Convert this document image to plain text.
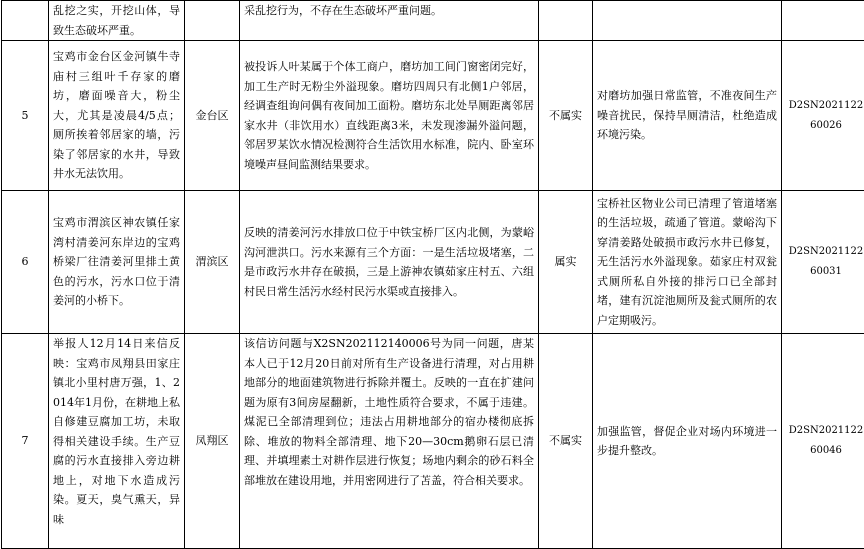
	乱挖之实，开挖山体，导致生态破坏严重。		采乱挖行为，不存在生态破坏严重问题。			

5	宝鸡市金台区金河镇牛寺庙村三组叶千存家的磨坊，磨面噪音大，粉尘大，尤其是凌晨4/5点；厕所挨着邻居家的墙，污染了邻居家的水井，导致井水无法饮用。	金台区	被投诉人叶某属于个体工商户，磨坊加工间门窗密闭完好，加工生产时无粉尘外溢现象。磨坊四周只有北侧1户邻居，经调查组询问偶有夜间加工面粉。磨坊东北处旱厕距离邻居家水井（非饮用水）直线距离3米，未发现渗漏外溢问题，邻居罗某饮水情况检测符合生活饮用水标准，院内、卧室环境噪声昼间监测结果要求。	不属实	对磨坊加强日常监管，不准夜间生产噪音扰民，保持旱厕清洁，杜绝造成环境污染。	D2SN202112260026

6	宝鸡市渭滨区神农镇任家湾村清姜河东岸边的宝鸡桥梁厂往清姜河里排土黄色的污水，污水口位于清姜河的小桥下。	渭滨区	反映的清姜河污水排放口位于中铁宝桥厂区内北侧，为蒙峪沟河泄洪口。污水来源有三个方面：一是生活垃圾堵塞，二是市政污水井存在破损，三是上游神农镇茹家庄村五、六组村民日常生活污水经村民污水渠或直接排入。	属实	宝桥社区物业公司已清理了管道堵塞的生活垃圾，疏通了管道。蒙峪沟下穿清姜路处破损市政污水井已修复，无生活污水外溢现象。茹家庄村双瓮式厕所私自外接的排污口已全部封堵，建有沉淀池厕所及瓮式厕所的农户定期吸污。	D2SN202112260031

7	举报人12月14日来信反映：宝鸡市凤翔县田家庄镇北小里村唐万强，1、2014年1月份，在耕地上私自修建豆腐加工坊，未取得相关建设手续。生产豆腐的污水直接排入旁边耕地上，对地下水造成污染。夏天，臭气熏天，异味	凤翔区	该信访问题与X2SN202112140006号为同一问题，唐某本人已于12月20日前对所有生产设备进行清理，对占用耕地部分的地面建筑物进行拆除并覆土。反映的一直在扩建问题为原有3间房屋翻新，土地性质符合要求，不属于违建。煤泥已全部清理到位；违法占用耕地部分的宿办楼彻底拆除、堆放的物料全部清理、地下20—30cm鹅卵石层已清理、并填埋素土对耕作层进行恢复；场地内剩余的砂石料全部堆放在建设用地，并用密网进行了苫盖，符合相关要求。	不属实	加强监管，督促企业对场内环境进一步提升整改。	D2SN202112260046
